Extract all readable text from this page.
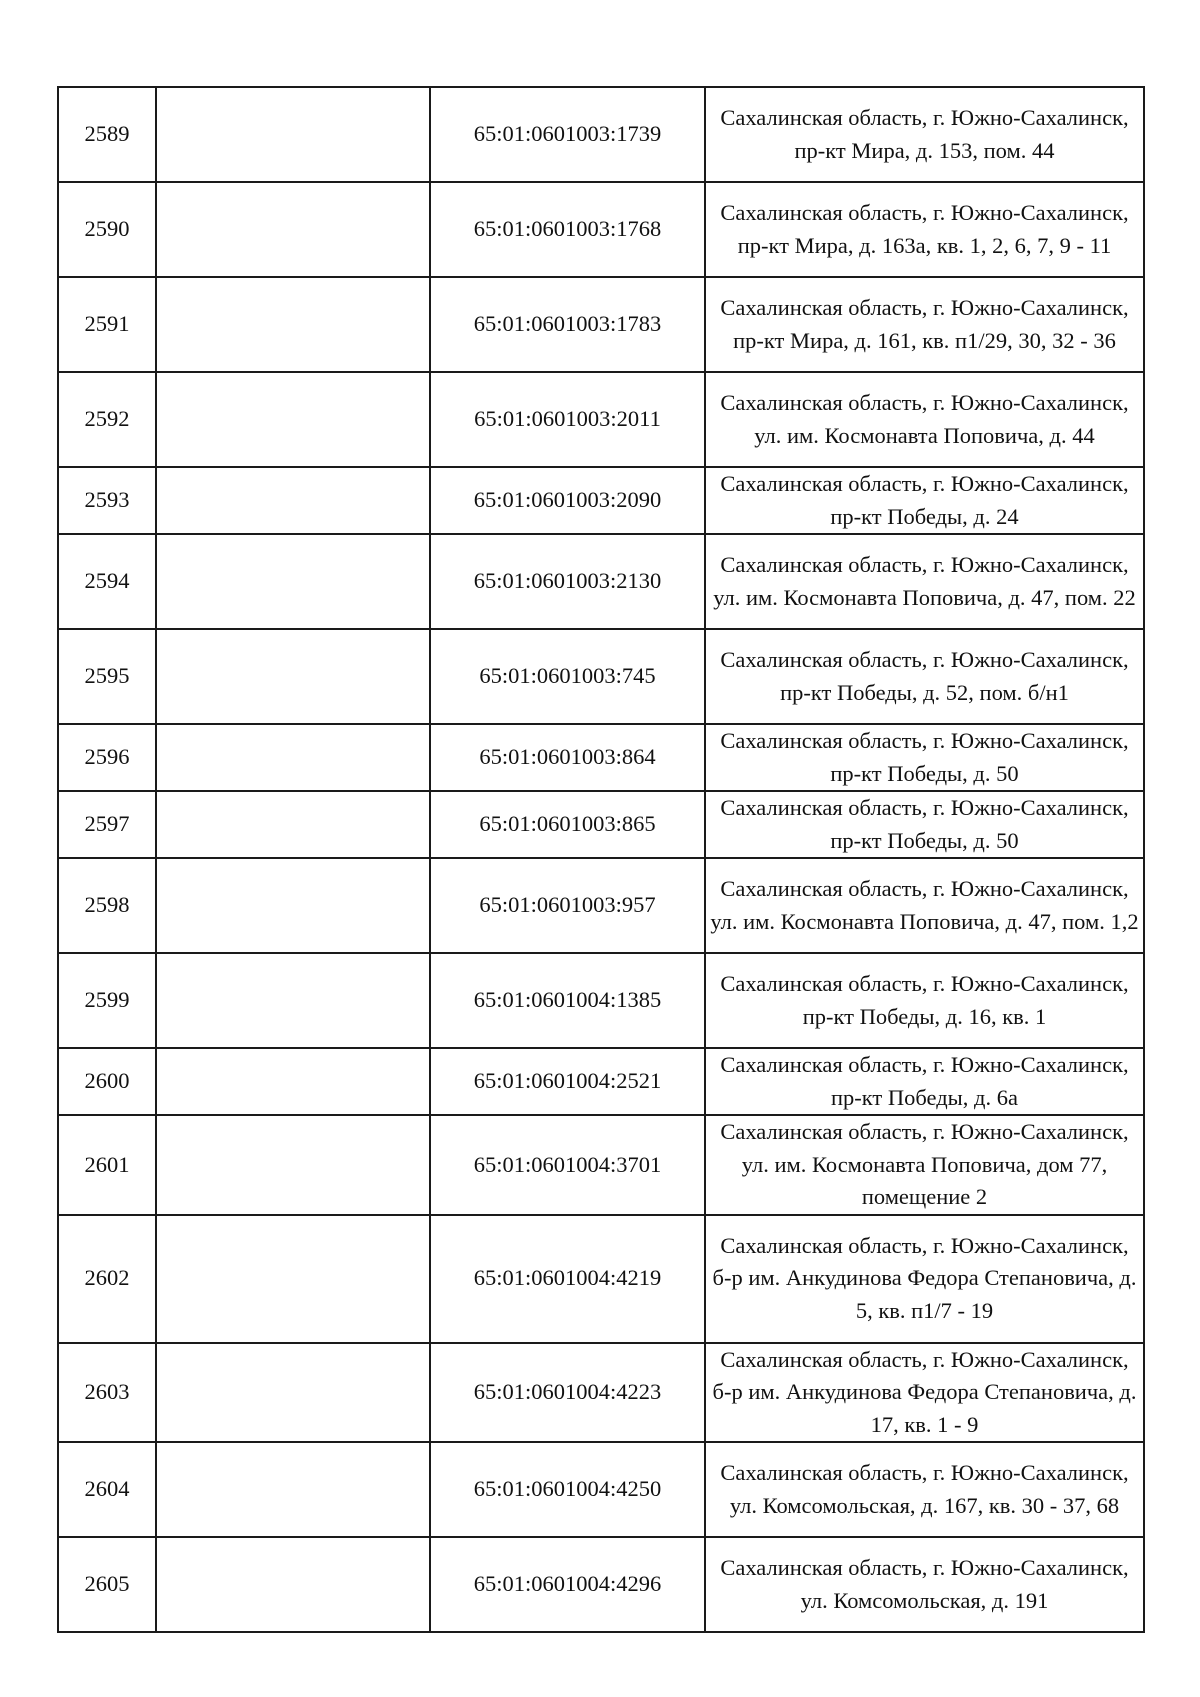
2589		65:01:0601003:1739	Сахалинская область, г. Южно-Сахалинск, пр-кт Мира, д. 153, пом. 44
2590		65:01:0601003:1768	Сахалинская область, г. Южно-Сахалинск, пр-кт Мира, д. 163а, кв. 1, 2, 6, 7, 9 - 11
2591		65:01:0601003:1783	Сахалинская область, г. Южно-Сахалинск, пр-кт Мира, д. 161, кв. п1/29, 30, 32 - 36
2592		65:01:0601003:2011	Сахалинская область, г. Южно-Сахалинск, ул. им. Космонавта Поповича, д. 44
2593		65:01:0601003:2090	Сахалинская область, г. Южно-Сахалинск, пр-кт Победы, д. 24
2594		65:01:0601003:2130	Сахалинская область, г. Южно-Сахалинск, ул. им. Космонавта Поповича, д. 47, пом. 22
2595		65:01:0601003:745	Сахалинская область, г. Южно-Сахалинск, пр-кт Победы, д. 52, пом. б/н1
2596		65:01:0601003:864	Сахалинская область, г. Южно-Сахалинск, пр-кт Победы, д. 50
2597		65:01:0601003:865	Сахалинская область, г. Южно-Сахалинск, пр-кт Победы, д. 50
2598		65:01:0601003:957	Сахалинская область, г. Южно-Сахалинск, ул. им. Космонавта Поповича, д. 47, пом. 1,2
2599		65:01:0601004:1385	Сахалинская область, г. Южно-Сахалинск, пр-кт Победы, д. 16, кв. 1
2600		65:01:0601004:2521	Сахалинская область, г. Южно-Сахалинск, пр-кт Победы, д. 6а
2601		65:01:0601004:3701	Сахалинская область, г. Южно-Сахалинск, ул. им. Космонавта Поповича, дом 77, помещение 2
2602		65:01:0601004:4219	Сахалинская область, г. Южно-Сахалинск, б-р им. Анкудинова Федора Степановича, д. 5, кв. п1/7 - 19
2603		65:01:0601004:4223	Сахалинская область, г. Южно-Сахалинск, б-р им. Анкудинова Федора Степановича, д. 17, кв. 1 - 9
2604		65:01:0601004:4250	Сахалинская область, г. Южно-Сахалинск, ул. Комсомольская, д. 167, кв. 30 - 37, 68
2605		65:01:0601004:4296	Сахалинская область, г. Южно-Сахалинск, ул. Комсомольская, д. 191
